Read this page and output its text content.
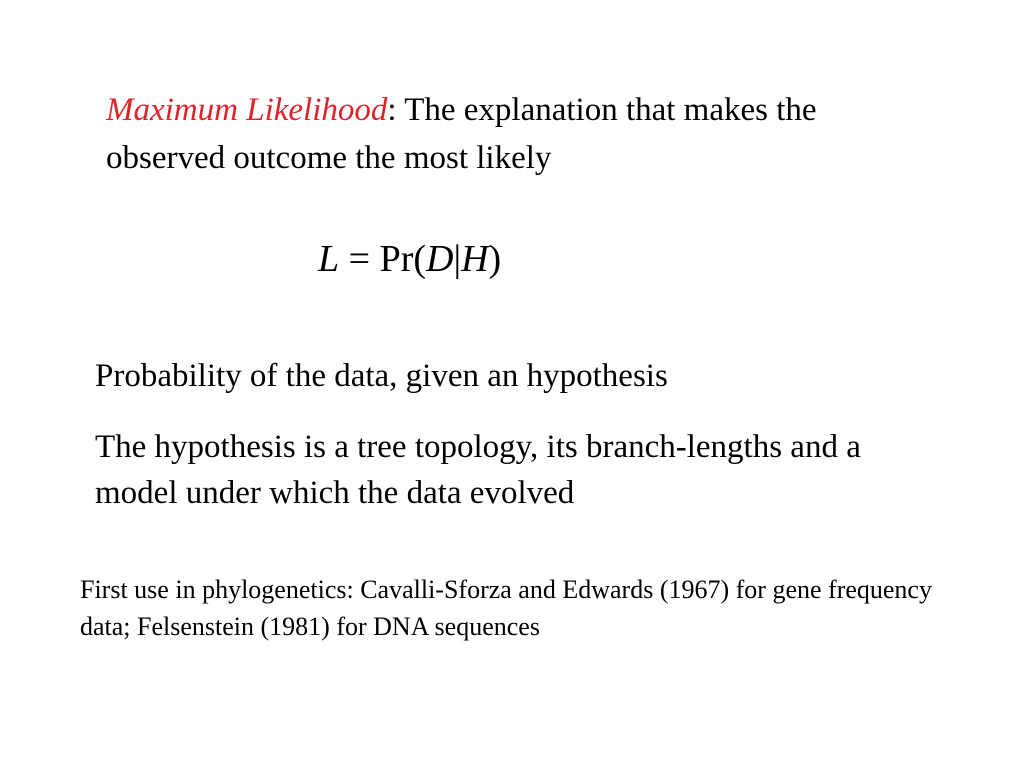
Maximum Likelihood: The explanation that makes the observed outcome the most likely
L = Pr(D|H)
Probability of the data, given an hypothesis
The hypothesis is a tree topology, its branch-lengths and a model under which the data evolved
First use in phylogenetics: Cavalli-Sforza and Edwards (1967) for gene frequency data; Felsenstein (1981) for DNA sequences
